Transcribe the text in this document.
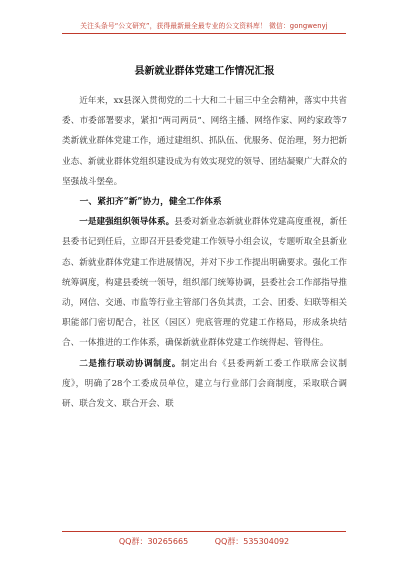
关注头条号“公文研究”，获得最新最全最专业的公文资料库！ 微信：gongwenyj

县新就业群体党建工作情况汇报

近年来，xx县深入贯彻党的二十大和二十届三中全会精神，落实中共省委、市委部署要求，紧扣“两司两员”、网络主播、网络作家、网约家政等7类新就业群体党建工作，通过建组织、抓队伍、优服务、促治理，努力把新业态、新就业群体党组织建设成为有效实现党的领导、团结凝聚广大群众的坚强战斗堡垒。

一、紧扣齐“新”协力，健全工作体系

一是建强组织领导体系。县委对新业态新就业群体党建高度重视，新任县委书记到任后，立即召开县委党建工作领导小组会议，专题听取全县新业态、新就业群体党建工作进展情况，并对下步工作提出明确要求。强化工作统筹调度，构建县委统一领导，组织部门统筹协调，县委社会工作部指导推动，网信、交通、市监等行业主管部门各负其责，工会、团委、妇联等相关职能部门密切配合，社区（园区）兜底管理的党建工作格局，形成条块结合、一体推进的工作体系，确保新就业群体党建工作统得起、管得住。

二是推行联动协调制度。制定出台《县委两新工委工作联席会议制度》，明确了28个工委成员单位，建立与行业部门会商制度，采取联合调研、联合发文、联合开会、联

QQ群：30265665	QQ群：535304092
